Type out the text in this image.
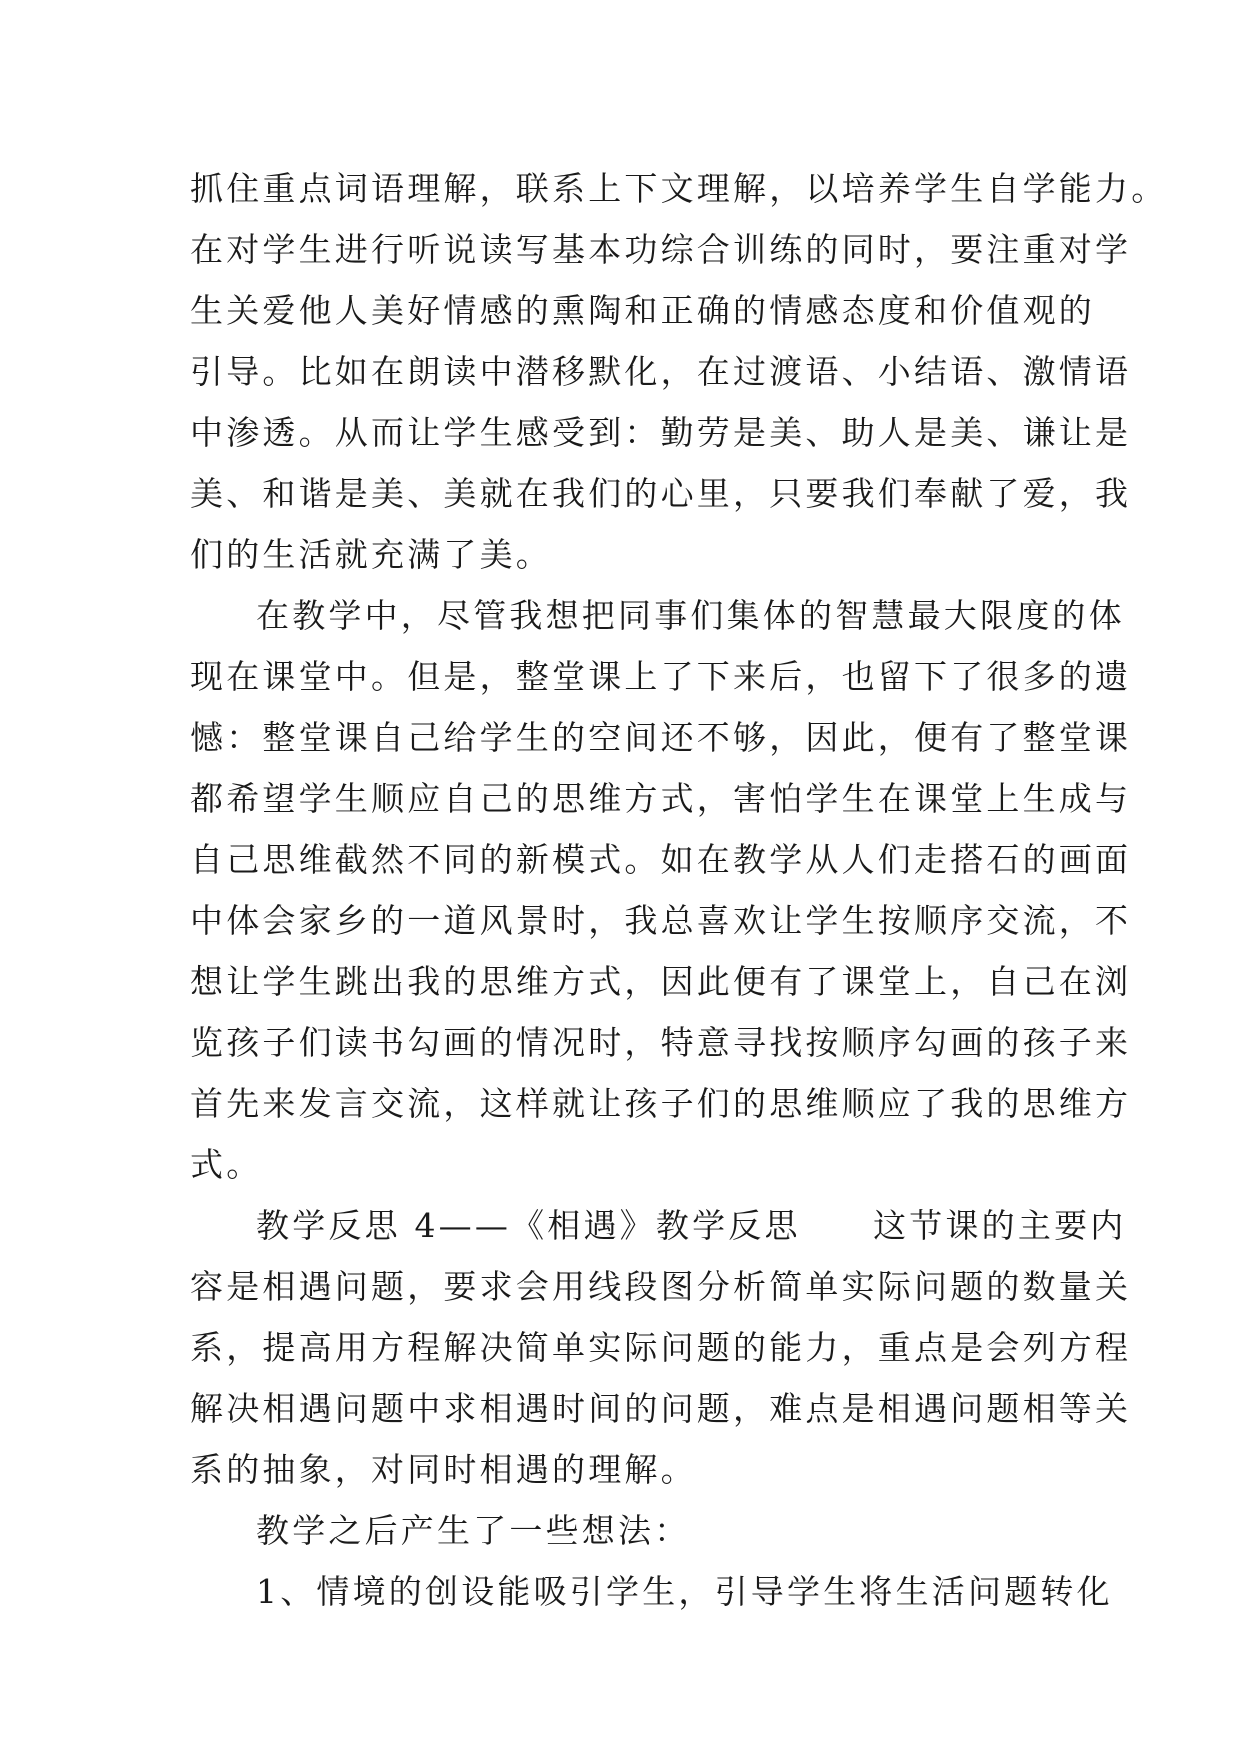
抓住重点词语理解，联系上下文理解，以培养学生自学能力。
在对学生进行听说读写基本功综合训练的同时，要注重对学
生关爱他人美好情感的熏陶和正确的情感态度和价值观的
引导。比如在朗读中潜移默化，在过渡语、小结语、激情语
中渗透。从而让学生感受到：勤劳是美、助人是美、谦让是
美、和谐是美、美就在我们的心里，只要我们奉献了爱，我
们的生活就充满了美。
在教学中，尽管我想把同事们集体的智慧最大限度的体
现在课堂中。但是，整堂课上了下来后，也留下了很多的遗
憾：整堂课自己给学生的空间还不够，因此，便有了整堂课
都希望学生顺应自己的思维方式，害怕学生在课堂上生成与
自己思维截然不同的新模式。如在教学从人们走搭石的画面
中体会家乡的一道风景时，我总喜欢让学生按顺序交流，不
想让学生跳出我的思维方式，因此便有了课堂上，自己在浏
览孩子们读书勾画的情况时，特意寻找按顺序勾画的孩子来
首先来发言交流，这样就让孩子们的思维顺应了我的思维方
式。
教学反思 4——《相遇》教学反思　　这节课的主要内
容是相遇问题，要求会用线段图分析简单实际问题的数量关
系，提高用方程解决简单实际问题的能力，重点是会列方程
解决相遇问题中求相遇时间的问题，难点是相遇问题相等关
系的抽象，对同时相遇的理解。
教学之后产生了一些想法：
1、情境的创设能吸引学生，引导学生将生活问题转化
